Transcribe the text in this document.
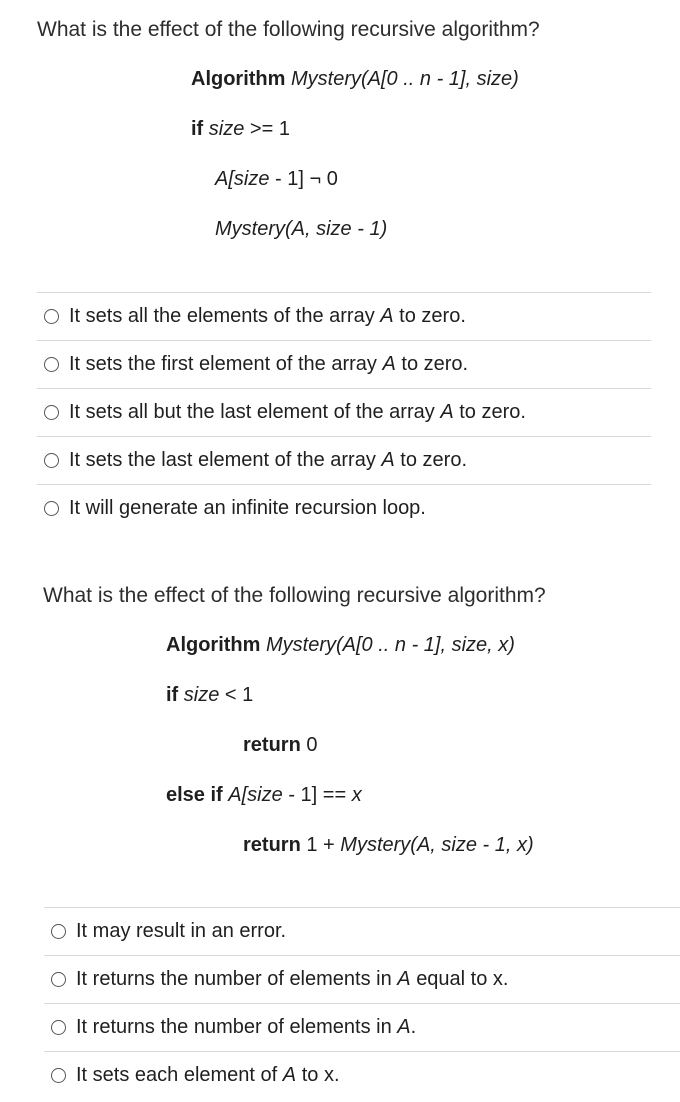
What is the effect of the following recursive algorithm?
Algorithm Mystery(A[0 .. n - 1], size)
if size >= 1
A[size - 1] ¬ 0
Mystery(A, size - 1)
It sets all the elements of the array A to zero.
It sets the first element of the array A to zero.
It sets all but the last element of the array A to zero.
It sets the last element of the array A to zero.
It will generate an infinite recursion loop.
What is the effect of the following recursive algorithm?
Algorithm Mystery(A[0 .. n - 1], size, x)
if size < 1
return 0
else if A[size - 1] == x
return 1 + Mystery(A, size - 1, x)
It may result in an error.
It returns the number of elements in A equal to x.
It returns the number of elements in A.
It sets each element of A to x.
